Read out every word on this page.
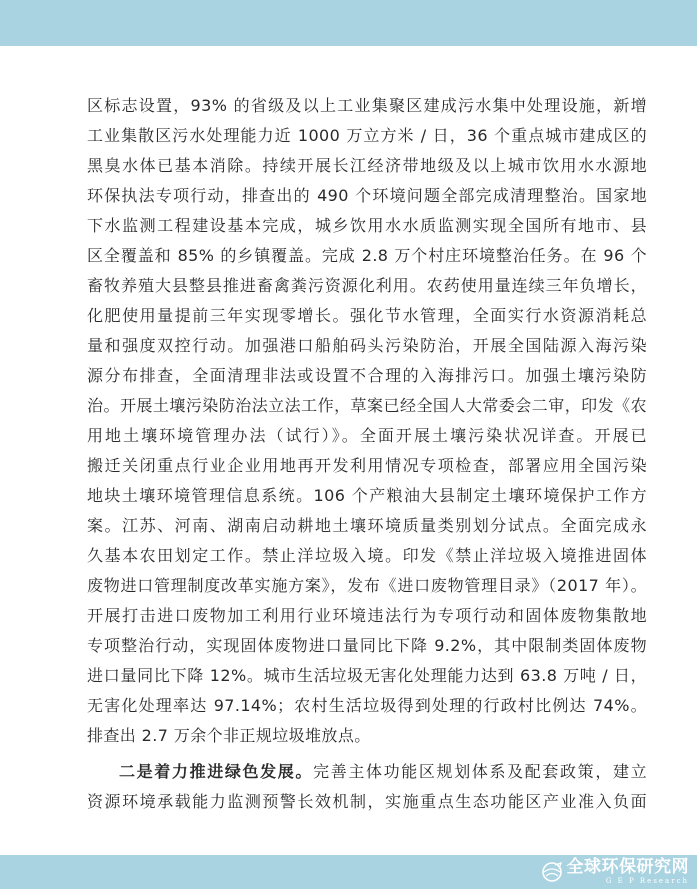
区标志设置，93% 的省级及以上工业集聚区建成污水集中处理设施，新增
工业集散区污水处理能力近 1000 万立方米 / 日，36 个重点城市建成区的
黑臭水体已基本消除。持续开展长江经济带地级及以上城市饮用水水源地
环保执法专项行动，排查出的 490 个环境问题全部完成清理整治。国家地
下水监测工程建设基本完成，城乡饮用水水质监测实现全国所有地市、县
区全覆盖和 85% 的乡镇覆盖。完成 2.8 万个村庄环境整治任务。在 96 个
畜牧养殖大县整县推进畜禽粪污资源化利用。农药使用量连续三年负增长，
化肥使用量提前三年实现零增长。强化节水管理，全面实行水资源消耗总
量和强度双控行动。加强港口船舶码头污染防治，开展全国陆源入海污染
源分布排查，全面清理非法或设置不合理的入海排污口。加强土壤污染防
治。开展土壤污染防治法立法工作，草案已经全国人大常委会二审，印发《农
用地土壤环境管理办法（试行）》。全面开展土壤污染状况详查。开展已
搬迁关闭重点行业企业用地再开发利用情况专项检查，部署应用全国污染
地块土壤环境管理信息系统。106 个产粮油大县制定土壤环境保护工作方
案。江苏、河南、湖南启动耕地土壤环境质量类别划分试点。全面完成永
久基本农田划定工作。禁止洋垃圾入境。印发《禁止洋垃圾入境推进固体
废物进口管理制度改革实施方案》，发布《进口废物管理目录》（2017 年）。
开展打击进口废物加工利用行业环境违法行为专项行动和固体废物集散地
专项整治行动，实现固体废物进口量同比下降 9.2%，其中限制类固体废物
进口量同比下降 12%。城市生活垃圾无害化处理能力达到 63.8 万吨 / 日，
无害化处理率达 97.14%；农村生活垃圾得到处理的行政村比例达 74%。
排查出 2.7 万余个非正规垃圾堆放点。
二是着力推进绿色发展。完善主体功能区规划体系及配套政策，建立
资源环境承载能力监测预警长效机制，实施重点生态功能区产业准入负面
全球环保研究网
G E P Research
